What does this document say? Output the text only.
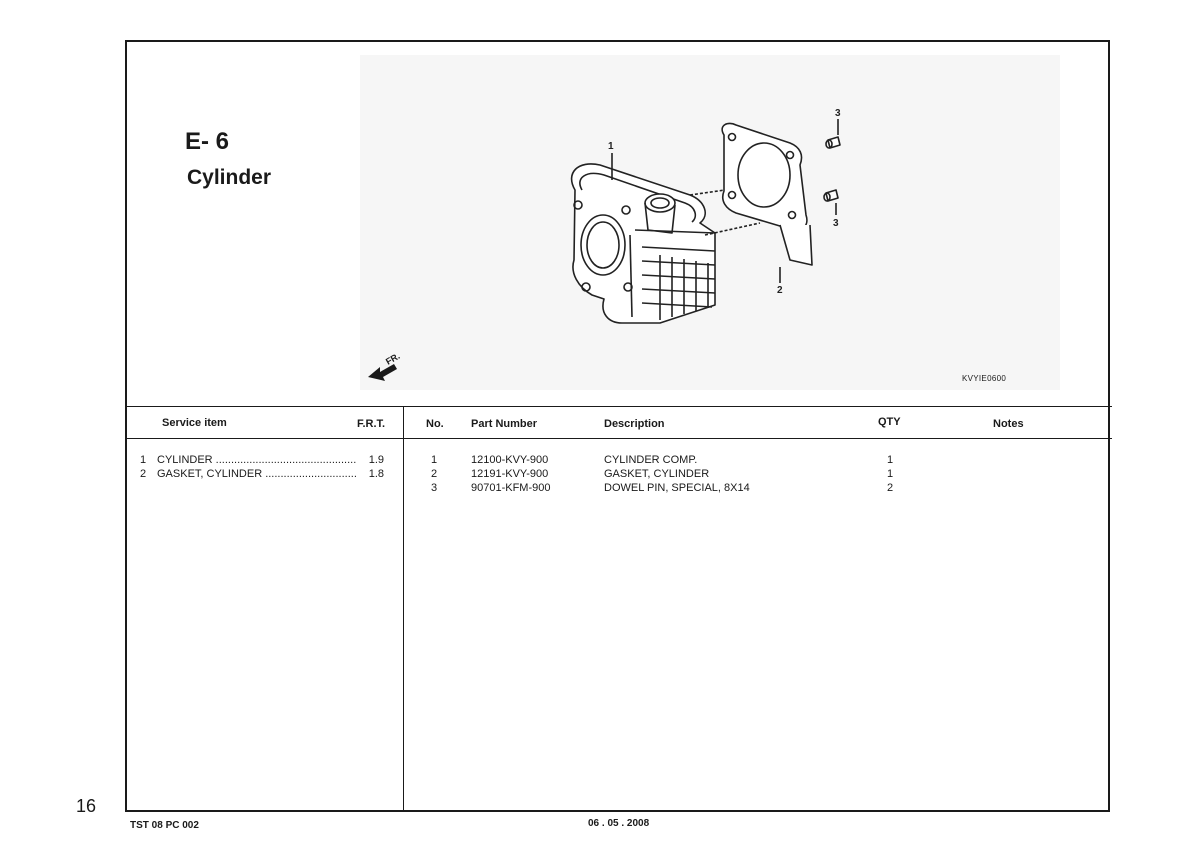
E- 6
Cylinder
1
2
3
3
FR.
KVYIE0600
Service item	F.R.T.	No. Part Number	Description	QTY	Notes
1 CYLINDER .....	1.9
2 GASKET, CYLINDER .....	1.8
1	12100-KVY-900	CYLINDER COMP.	1
2	12191-KVY-900	GASKET, CYLINDER	1
3	90701-KFM-900	DOWEL PIN, SPECIAL, 8X14	2
16
TST 08 PC 002	06 . 05 . 2008
